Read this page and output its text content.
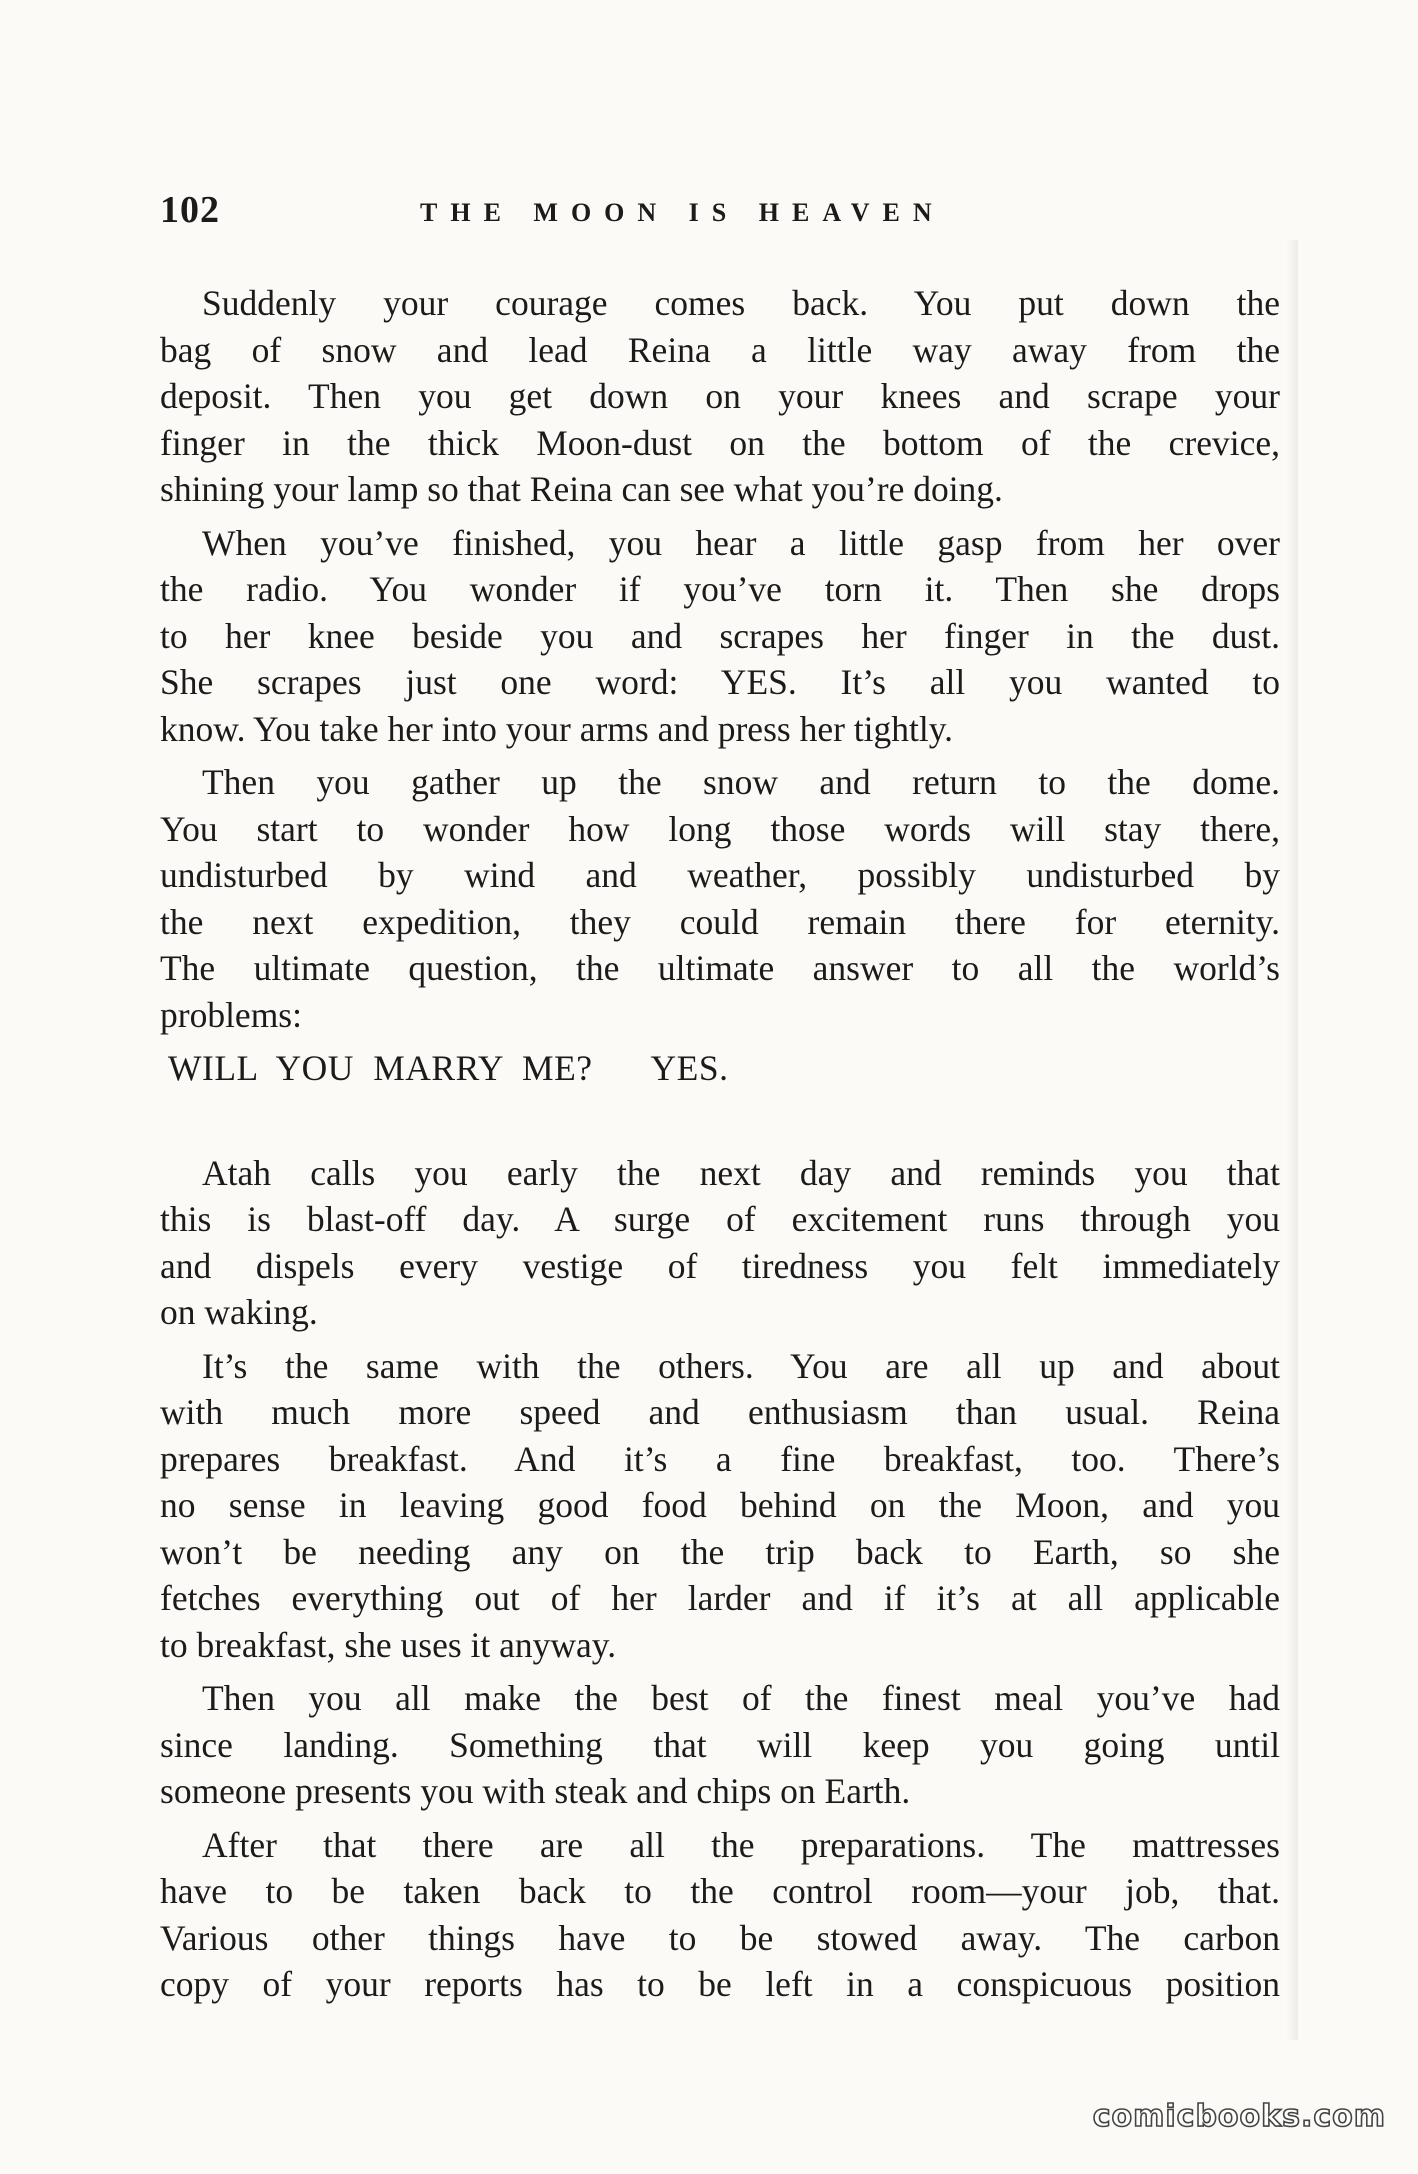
102	THE MOON IS HEAVEN
Suddenly your courage comes back. You put down the
bag of snow and lead Reina a little way away from the
deposit. Then you get down on your knees and scrape your
finger in the thick Moon-dust on the bottom of the crevice,
shining your lamp so that Reina can see what you’re doing.
When you’ve finished, you hear a little gasp from her over
the radio. You wonder if you’ve torn it. Then she drops
to her knee beside you and scrapes her finger in the dust.
She scrapes just one word: YES. It’s all you wanted to
know. You take her into your arms and press her tightly.
Then you gather up the snow and return to the dome.
You start to wonder how long those words will stay there,
undisturbed by wind and weather, possibly undisturbed by
the next expedition, they could remain there for eternity.
The ultimate question, the ultimate answer to all the world’s
problems:
WILL YOU MARRY ME? YES.
Atah calls you early the next day and reminds you that
this is blast-off day. A surge of excitement runs through you
and dispels every vestige of tiredness you felt immediately
on waking.
It’s the same with the others. You are all up and about
with much more speed and enthusiasm than usual. Reina
prepares breakfast. And it’s a fine breakfast, too. There’s
no sense in leaving good food behind on the Moon, and you
won’t be needing any on the trip back to Earth, so she
fetches everything out of her larder and if it’s at all applicable
to breakfast, she uses it anyway.
Then you all make the best of the finest meal you’ve had
since landing. Something that will keep you going until
someone presents you with steak and chips on Earth.
After that there are all the preparations. The mattresses
have to be taken back to the control room—your job, that.
Various other things have to be stowed away. The carbon
copy of your reports has to be left in a conspicuous position
comicbooks.com
